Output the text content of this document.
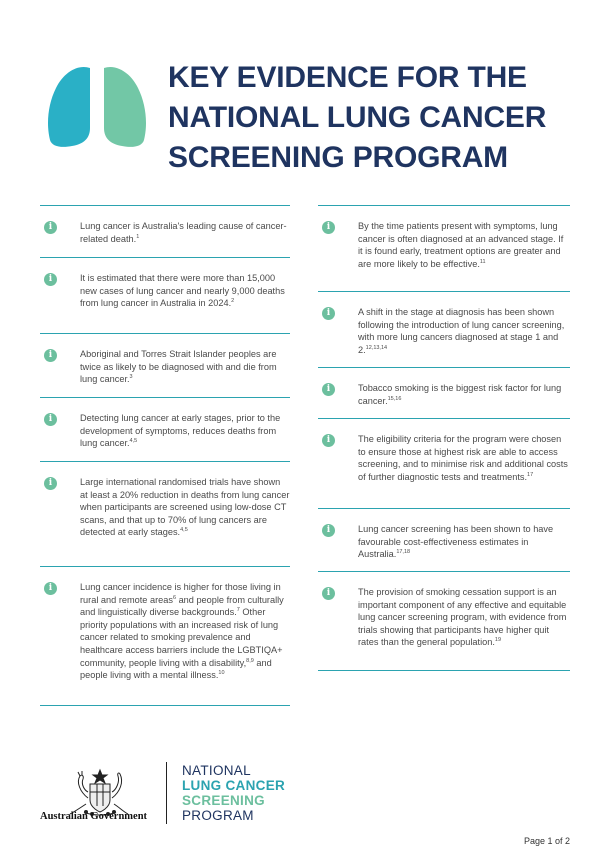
KEY EVIDENCE FOR THE
NATIONAL LUNG CANCER
SCREENING PROGRAM
i	Lung cancer is Australia's leading cause of cancer-related death.$^1$
i	It is estimated that there were more than 15,000 new cases of lung cancer and nearly 9,000 deaths from lung cancer in Australia in 2024.$^2$
i	Aboriginal and Torres Strait Islander peoples are twice as likely to be diagnosed with and die from lung cancer.$^3$
i	Detecting lung cancer at early stages, prior to the development of symptoms, reduces deaths from lung cancer.$^{4,5}$
i	Large international randomised trials have shown at least a 20% reduction in deaths from lung cancer when participants are screened using low-dose CT scans, and that up to 70% of lung cancers are detected at early stages.$^{4,5}$
i	Lung cancer incidence is higher for those living in rural and remote areas$^6$ and people from culturally and linguistically diverse backgrounds.$^7$ Other priority populations with an increased risk of lung cancer related to smoking prevalence and healthcare access barriers include the LGBTIQA+ community, people living with a disability,$^{8,9}$ and people living with a mental illness.$^{10}$
i	By the time patients present with symptoms, lung cancer is often diagnosed at an advanced stage. If it is found early, treatment options are greater and are more likely to be effective.$^{11}$
i	A shift in the stage at diagnosis has been shown following the introduction of lung cancer screening, with more lung cancers diagnosed at stage 1 and 2.$^{12,13,14}$
i	Tobacco smoking is the biggest risk factor for lung cancer.$^{15,16}$
i	The eligibility criteria for the program were chosen to ensure those at highest risk are able to access screening, and to minimise risk and additional costs of further diagnostic tests and treatments.$^{17}$
i	Lung cancer screening has been shown to have favourable cost-effectiveness estimates in Australia.$^{17,18}$
i	The provision of smoking cessation support is an important component of any effective and equitable lung cancer screening program, with evidence from trials showing that participants have higher quit rates than the general population.$^{19}$
Australian Government
NATIONAL
LUNG CANCER
SCREENING
PROGRAM
Page 1 of 2
